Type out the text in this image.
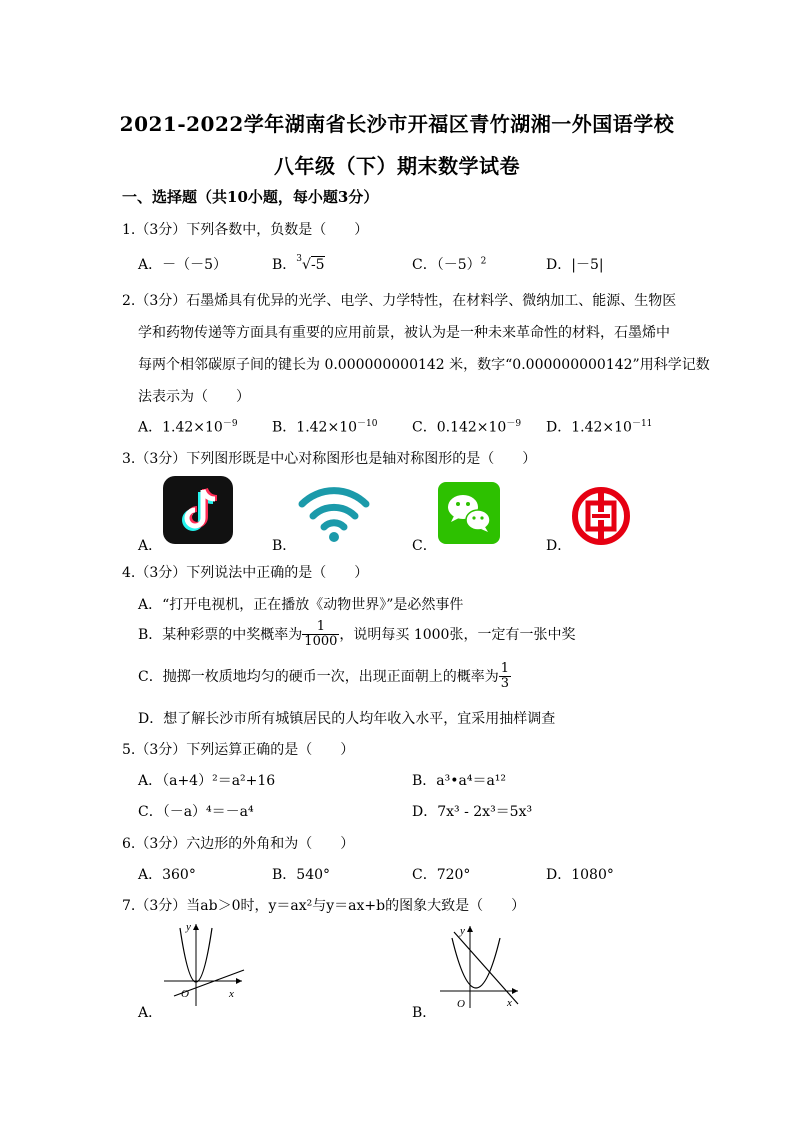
2021-2022学年湖南省长沙市开福区青竹湖湘一外国语学校
八年级（下）期末数学试卷
一、选择题（共10小题，每小题3分）
1.（3分）下列各数中，负数是（　　）
A．－（－5）	B．$^3$√-5	C．$(-5)^2$	D．|－5|
2.（3分）石墨烯具有优异的光学、电学、力学特性，在材料学、微纳加工、能源、生物医
学和药物传递等方面具有重要的应用前景，被认为是一种未来革命性的材料，石墨烯中
每两个相邻碳原子间的键长为 0.000000000142 米，数字“0.000000000142”用科学记数
法表示为（　　）
A．$1.42\times 10^{-9}$ B．$1.42\times 10^{-10}$ C．$0.142\times 10^{-9}$ D．$1.42\times 10^{-11}$
3.（3分）下列图形既是中心对称图形也是轴对称图形的是（　　）
A．	B．	C．	D．
4.（3分）下列说法中正确的是（　　）
A．“打开电视机，正在播放《动物世界》”是必然事件
B．某种彩票的中奖概率为 $\frac{1}{1000}$ ，说明每买 1000张，一定有一张中奖
C．抛掷一枚质地均匀的硬币一次，出现正面朝上的概率为 $\frac{1}{3}$
D．想了解长沙市所有城镇居民的人均年收入水平，宜采用抽样调查
5.（3分）下列运算正确的是（　　）
A．（a+4）²＝a²+16	B．a³•a⁴＝a¹²
C．（－a）⁴＝－a⁴	D．7x³ - 2x³＝5x³
6.（3分）六边形的外角和为（　　）
A．360°	B．540°	C．720°	D．1080°
7.（3分）当ab＞0时，y＝ax²与y＝ax+b的图象大致是（　　）
A．
y
x
O
B．
y
x
O
